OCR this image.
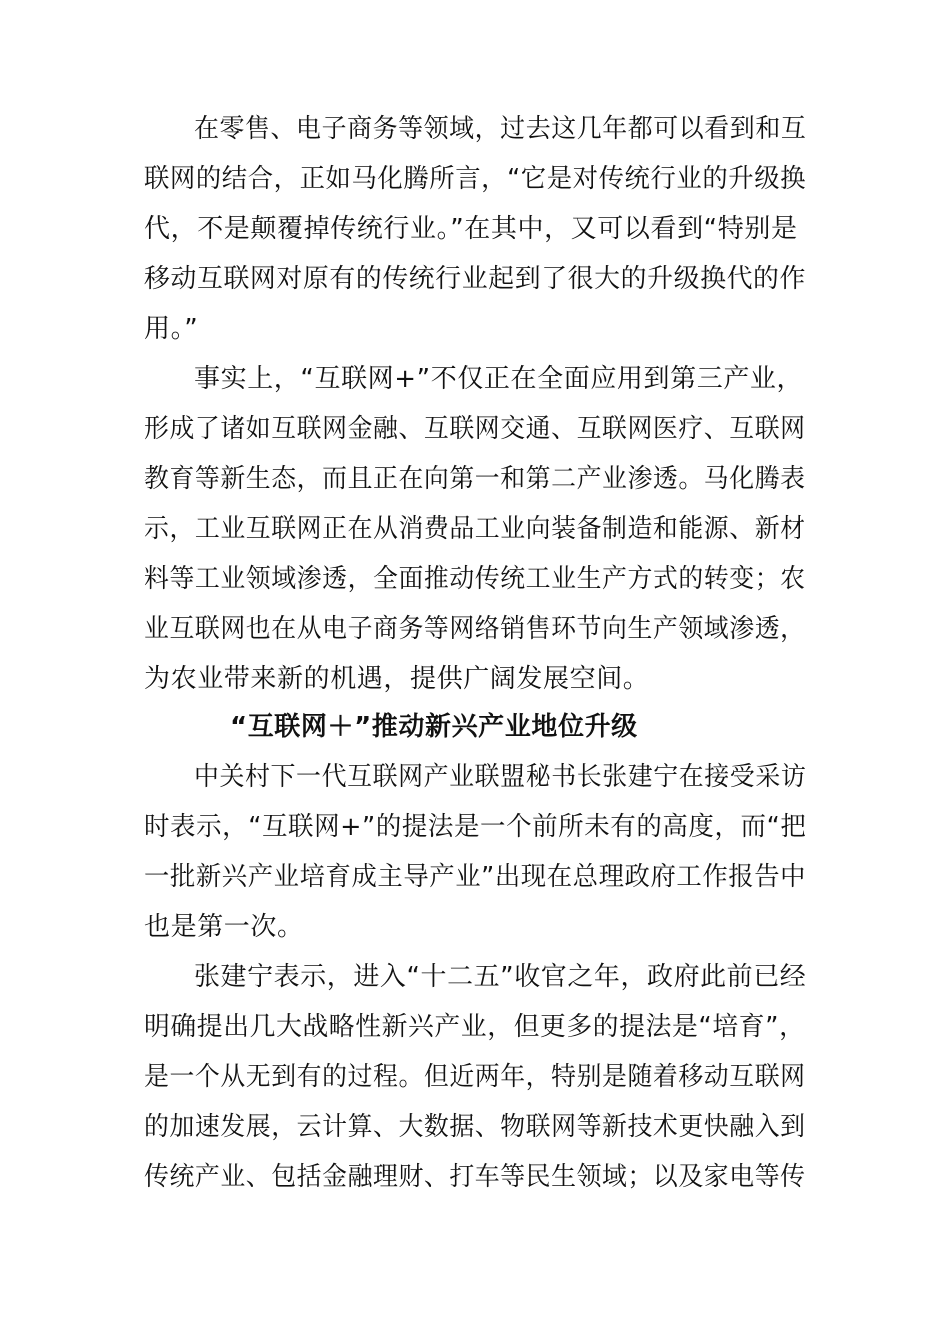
在零售、电子商务等领域，过去这几年都可以看到和互
联网的结合，正如马化腾所言，“它是对传统行业的升级换
代，不是颠覆掉传统行业。”在其中，又可以看到“特别是
移动互联网对原有的传统行业起到了很大的升级换代的作
用。”
事实上，“互联网+”不仅正在全面应用到第三产业，
形成了诸如互联网金融、互联网交通、互联网医疗、互联网
教育等新生态，而且正在向第一和第二产业渗透。马化腾表
示，工业互联网正在从消费品工业向装备制造和能源、新材
料等工业领域渗透，全面推动传统工业生产方式的转变；农
业互联网也在从电子商务等网络销售环节向生产领域渗透，
为农业带来新的机遇，提供广阔发展空间。
“互联网＋”推动新兴产业地位升级
中关村下一代互联网产业联盟秘书长张建宁在接受采访
时表示，“互联网+”的提法是一个前所未有的高度，而“把
一批新兴产业培育成主导产业”出现在总理政府工作报告中
也是第一次。
张建宁表示，进入“十二五”收官之年，政府此前已经
明确提出几大战略性新兴产业，但更多的提法是“培育”，
是一个从无到有的过程。但近两年，特别是随着移动互联网
的加速发展，云计算、大数据、物联网等新技术更快融入到
传统产业、包括金融理财、打车等民生领域；以及家电等传
